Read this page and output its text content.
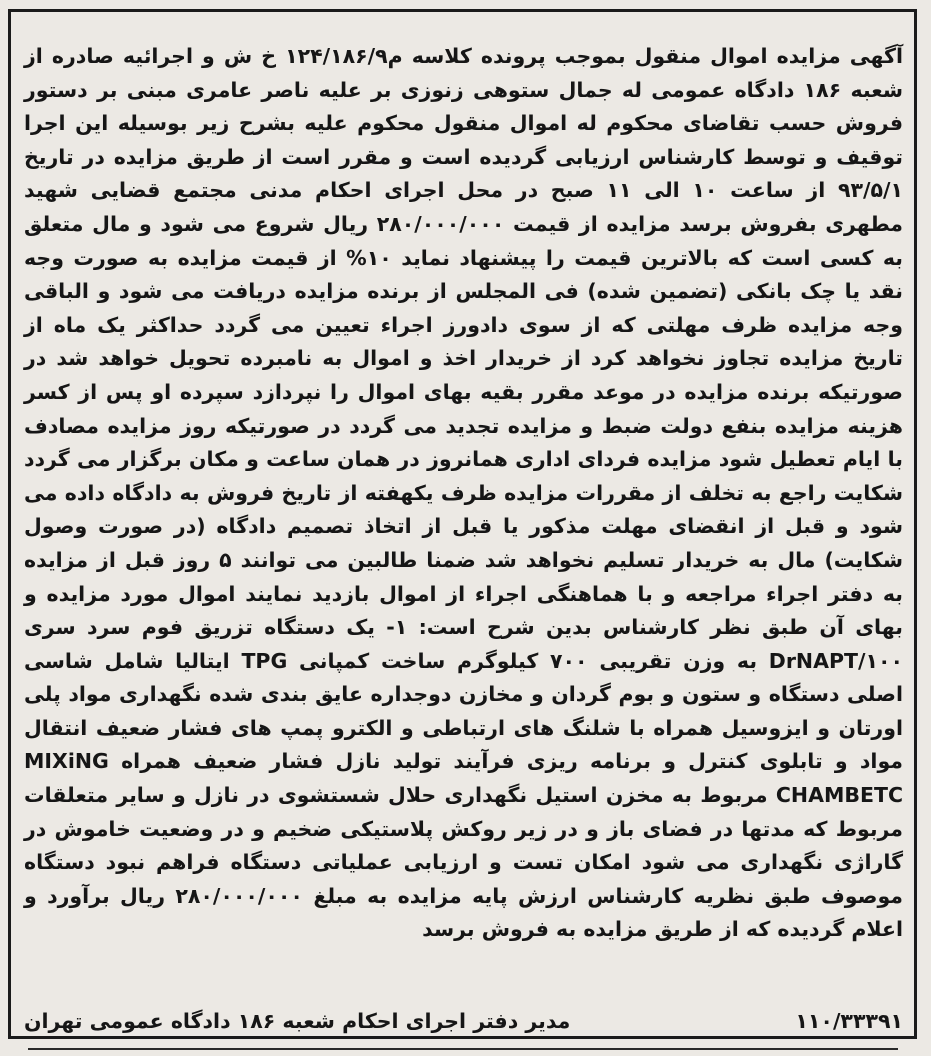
آگهی مزایده اموال منقول بموجب پرونده کلاسه م۱۲۴/۱۸۶/۹ خ ش و اجرائیه صادره از شعبه ۱۸۶ دادگاه عمومی له جمال ستوهی زنوزی بر علیه ناصر عامری مبنی بر دستور فروش حسب تقاضای محکوم له اموال منقول محکوم علیه بشرح زیر بوسیله این اجرا توقیف و توسط کارشناس ارزیابی گردیده است و مقرر است از طریق مزایده در تاریخ ۹۳/۵/۱ از ساعت ۱۰ الی ۱۱ صبح در محل اجرای احکام مدنی مجتمع قضایی شهید مطهری بفروش برسد مزایده از قیمت ۲۸۰/۰۰۰/۰۰۰ ریال شروع می شود و مال متعلق به کسی است که بالاترین قیمت را پیشنهاد نماید ۱۰% از قیمت مزایده به صورت وجه نقد یا چک بانکی (تضمین شده) فی المجلس از برنده مزایده دریافت می شود و الباقی وجه مزایده ظرف مهلتی که از سوی دادورز اجراء تعیین می گردد حداکثر یک ماه از تاریخ مزایده تجاوز نخواهد کرد از خریدار اخذ و اموال به نامبرده تحویل خواهد شد در صورتیکه برنده مزایده در موعد مقرر بقیه بهای اموال را نپردازد سپرده او پس از کسر هزینه مزایده بنفع دولت ضبط و مزایده تجدید می گردد در صورتیکه روز مزایده مصادف با ایام تعطیل شود مزایده فردای اداری همانروز در همان ساعت و مکان برگزار می گردد شکایت راجع به تخلف از مقررات مزایده ظرف یکهفته از تاریخ فروش به دادگاه داده می شود و قبل از انقضای مهلت مذکور یا قبل از اتخاذ تصمیم دادگاه (در صورت وصول شکایت) مال به خریدار تسلیم نخواهد شد ضمنا طالبین می توانند ۵ روز قبل از مزایده به دفتر اجراء مراجعه و با هماهنگی اجراء از اموال بازدید نمایند اموال مورد مزایده و بهای آن طبق نظر کارشناس بدین شرح است: ۱- یک دستگاه تزریق فوم سرد سری DrNAPT/۱۰۰ به وزن تقریبی ۷۰۰ کیلوگرم ساخت کمپانی TPG ایتالیا شامل شاسی اصلی دستگاه و ستون و بوم گردان و مخازن دوجداره عایق بندی شده نگهداری مواد پلی اورتان و ایزوسیل همراه با شلنگ های ارتباطی و الکترو پمپ های فشار ضعیف انتقال مواد و تابلوی کنترل و برنامه ریزی فرآیند تولید نازل فشار ضعیف همراه MIXiNG CHAMBETC مربوط به مخزن استیل نگهداری حلال شستشوی در نازل و سایر متعلقات مربوط که مدتها در فضای باز و در زیر روکش پلاستیکی ضخیم و در وضعیت خاموش در گاراژی نگهداری می شود امکان تست و ارزیابی عملیاتی دستگاه فراهم نبود دستگاه موصوف طبق نظریه کارشناس ارزش پایه مزایده به مبلغ ۲۸۰/۰۰۰/۰۰۰ ریال برآورد و اعلام گردیده که از طریق مزایده به فروش برسد
۱۱۰/۳۳۳۹۱
مدیر دفتر اجرای احکام شعبه ۱۸۶ دادگاه عمومی تهران
